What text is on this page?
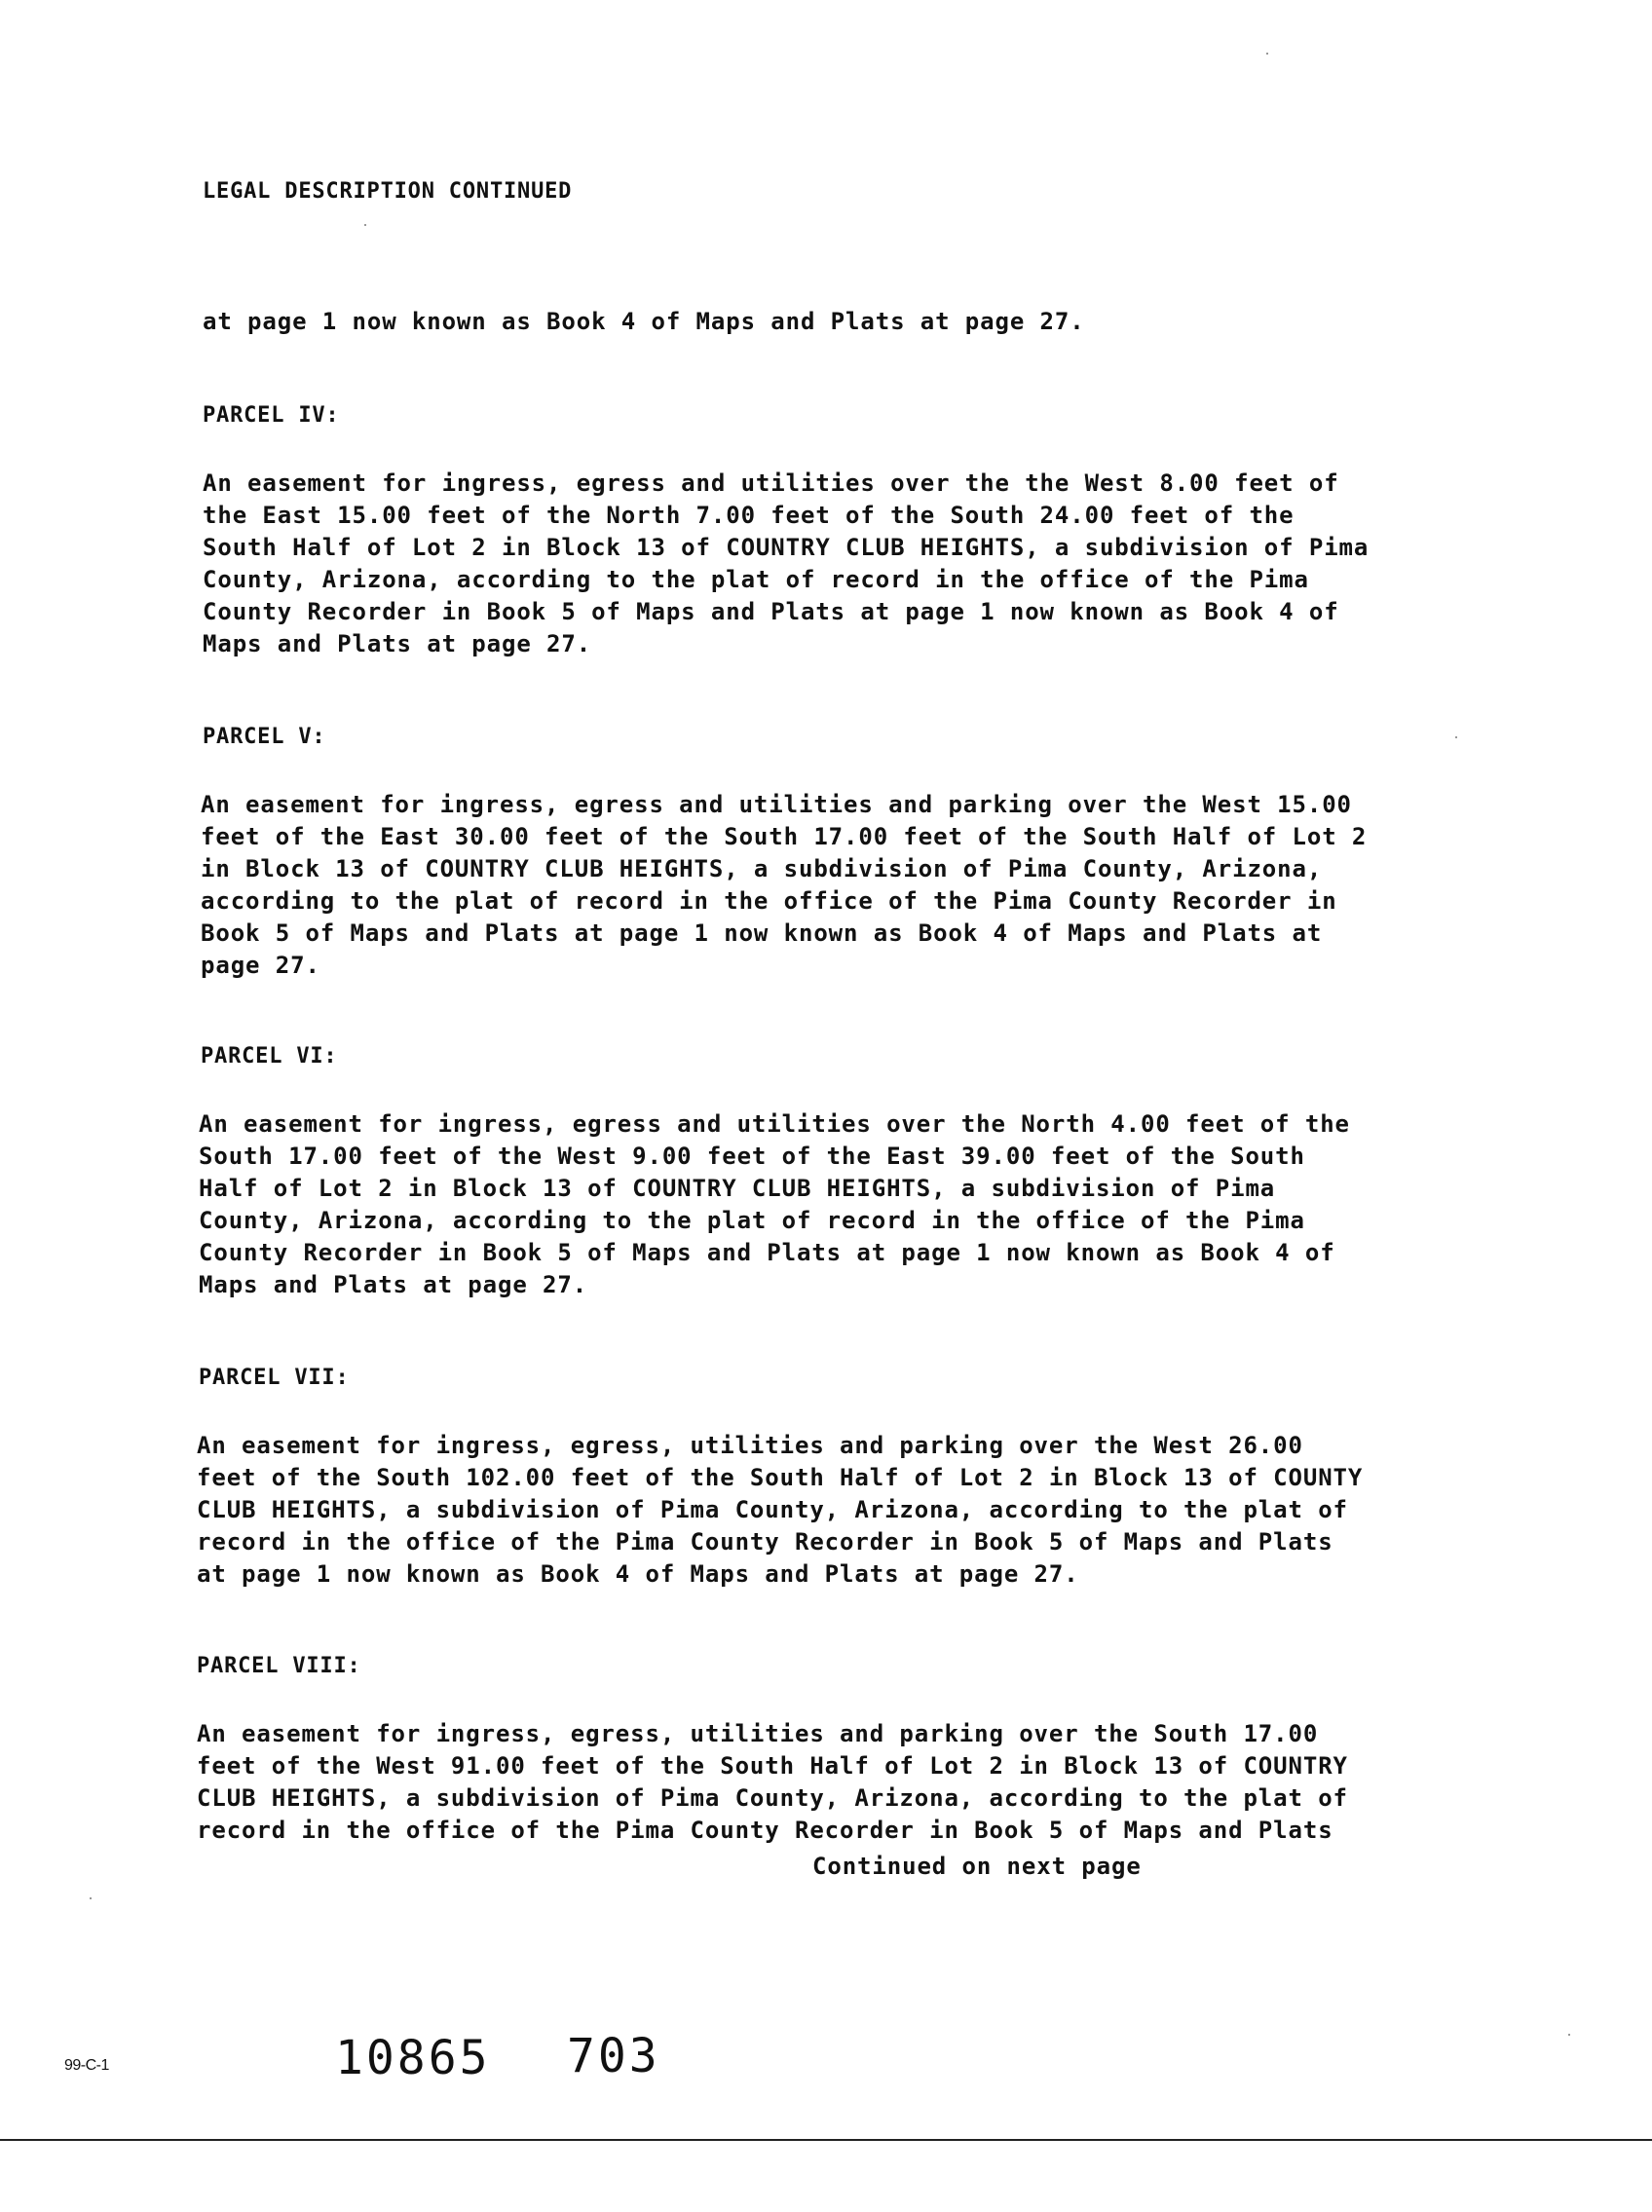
LEGAL DESCRIPTION CONTINUED
at page 1 now known as Book 4 of Maps and Plats at page 27.
PARCEL IV:
An easement for ingress, egress and utilities over the the West 8.00 feet of
the East 15.00 feet of the North 7.00 feet of the South 24.00 feet of the
South Half of Lot 2 in Block 13 of COUNTRY CLUB HEIGHTS, a subdivision of Pima
County, Arizona, according to the plat of record in the office of the Pima
County Recorder in Book 5 of Maps and Plats at page 1 now known as Book 4 of
Maps and Plats at page 27.
PARCEL V:
An easement for ingress, egress and utilities and parking over the West 15.00
feet of the East 30.00 feet of the South 17.00 feet of the South Half of Lot 2
in Block 13 of COUNTRY CLUB HEIGHTS, a subdivision of Pima County, Arizona,
according to the plat of record in the office of the Pima County Recorder in
Book 5 of Maps and Plats at page 1 now known as Book 4 of Maps and Plats at
page 27.
PARCEL VI:
An easement for ingress, egress and utilities over the North 4.00 feet of the
South 17.00 feet of the West 9.00 feet of the East 39.00 feet of the South
Half of Lot 2 in Block 13 of COUNTRY CLUB HEIGHTS, a subdivision of Pima
County, Arizona, according to the plat of record in the office of the Pima
County Recorder in Book 5 of Maps and Plats at page 1 now known as Book 4 of
Maps and Plats at page 27.
PARCEL VII:
An easement for ingress, egress, utilities and parking over the West 26.00
feet of the South 102.00 feet of the South Half of Lot 2 in Block 13 of COUNTY
CLUB HEIGHTS, a subdivision of Pima County, Arizona, according to the plat of
record in the office of the Pima County Recorder in Book 5 of Maps and Plats
at page 1 now known as Book 4 of Maps and Plats at page 27.
PARCEL VIII:
An easement for ingress, egress, utilities and parking over the South 17.00
feet of the West 91.00 feet of the South Half of Lot 2 in Block 13 of COUNTRY
CLUB HEIGHTS, a subdivision of Pima County, Arizona, according to the plat of
record in the office of the Pima County Recorder in Book 5 of Maps and Plats
Continued on next page
99-C-1	10865 703
